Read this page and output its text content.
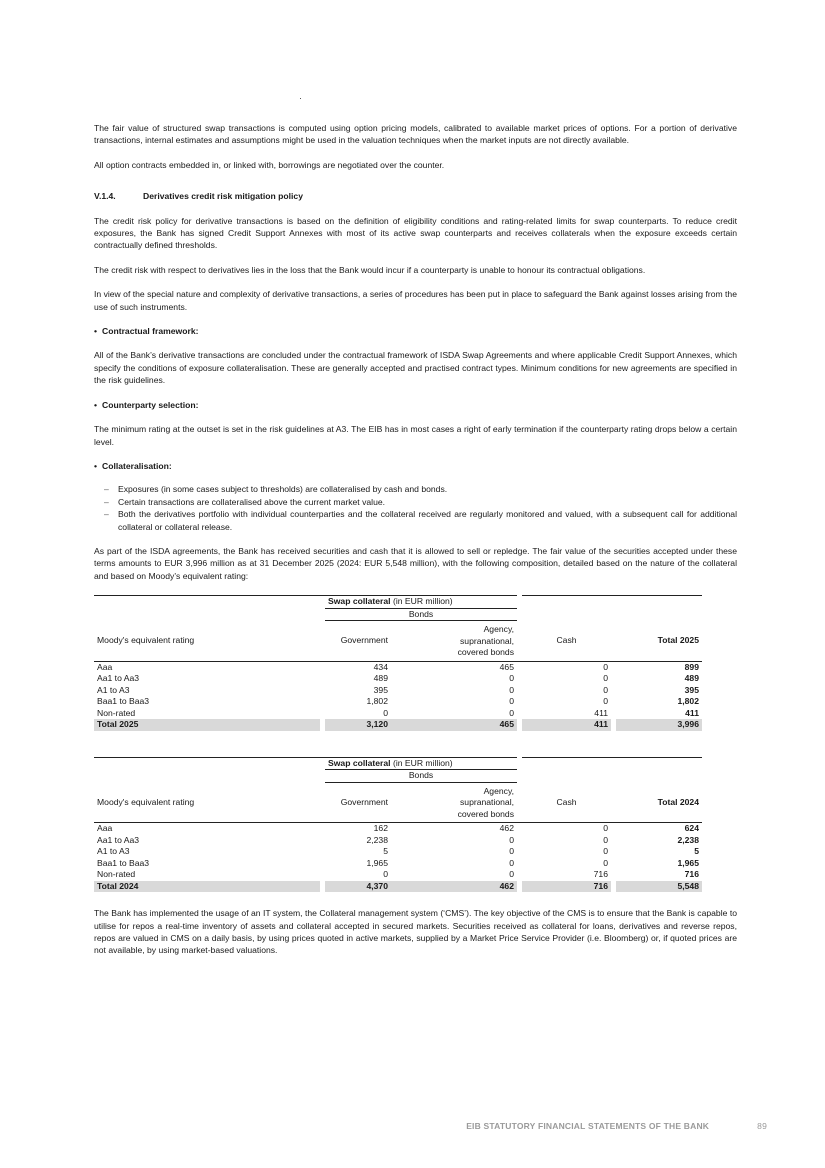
The fair value of structured swap transactions is computed using option pricing models, calibrated to available market prices of options. For a portion of derivative transactions, internal estimates and assumptions might be used in the valuation techniques when the market inputs are not directly available.

All option contracts embedded in, or linked with, borrowings are negotiated over the counter.

V.1.4.	Derivatives credit risk mitigation policy

The credit risk policy for derivative transactions is based on the definition of eligibility conditions and rating-related limits for swap counterparts. To reduce credit exposures, the Bank has signed Credit Support Annexes with most of its active swap counterparts and receives collaterals when the exposure exceeds certain contractually defined thresholds.

The credit risk with respect to derivatives lies in the loss that the Bank would incur if a counterparty is unable to honour its contractual obligations.

In view of the special nature and complexity of derivative transactions, a series of procedures has been put in place to safeguard the Bank against losses arising from the use of such instruments.

• Contractual framework:

All of the Bank’s derivative transactions are concluded under the contractual framework of ISDA Swap Agreements and where applicable Credit Support Annexes, which specify the conditions of exposure collateralisation. These are generally accepted and practised contract types. Minimum conditions for new agreements are specified in the risk guidelines.

• Counterparty selection:

The minimum rating at the outset is set in the risk guidelines at A3. The EIB has in most cases a right of early termination if the counterparty rating drops below a certain level.

• Collateralisation:
– Exposures (in some cases subject to thresholds) are collateralised by cash and bonds.
– Certain transactions are collateralised above the current market value.
– Both the derivatives portfolio with individual counterparties and the collateral received are regularly monitored and valued, with a subsequent call for additional collateral or collateral release.

As part of the ISDA agreements, the Bank has received securities and cash that it is allowed to sell or repledge. The fair value of the securities accepted under these terms amounts to EUR 3,996 million as at 31 December 2025 (2024: EUR 5,548 million), with the following composition, detailed based on the nature of the collateral and based on Moody’s equivalent rating:

		Swap collateral (in EUR million)					
		Bonds					
Moody's equivalent rating		Government	Agency, supranational, covered bonds		Cash		Total 2025
Aaa		434	465		0		899
Aa1 to Aa3		489	0		0		489
A1 to A3		395	0		0		395
Baa1 to Baa3		1,802	0		0		1,802
Non-rated		0	0		411		411
Total 2025		3,120	465		411		3,996
		Swap collateral (in EUR million)					
		Bonds					
Moody's equivalent rating		Government	Agency, supranational, covered bonds		Cash		Total 2024
Aaa		162	462		0		624
Aa1 to Aa3		2,238	0		0		2,238
A1 to A3		5	0		0		5
Baa1 to Baa3		1,965	0		0		1,965
Non-rated		0	0		716		716
Total 2024		4,370	462		716		5,548

The Bank has implemented the usage of an IT system, the Collateral management system (‘CMS’). The key objective of the CMS is to ensure that the Bank is capable to utilise for repos a real-time inventory of assets and collateral accepted in secured markets. Securities received as collateral for loans, derivatives and reverse repos, repos are valued in CMS on a daily basis, by using prices quoted in active markets, supplied by a Market Price Service Provider (i.e. Bloomberg) or, if quoted prices are not available, by using market-based valuations.

EIB STATUTORY FINANCIAL STATEMENTS OF THE BANK	89
